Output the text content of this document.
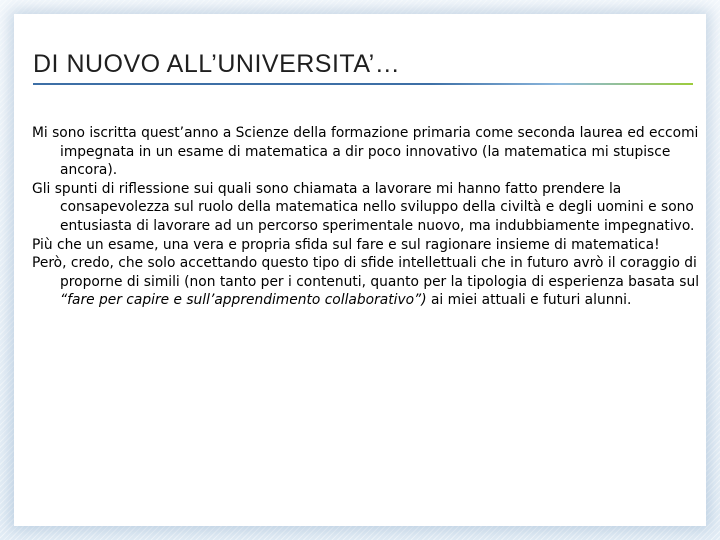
DI NUOVO ALL’UNIVERSITA’…

Mi sono iscritta quest’anno a Scienze della formazione primaria come seconda laurea ed eccomi impegnata in un esame di matematica a dir poco innovativo (la matematica mi stupisce ancora).

Gli spunti di riflessione sui quali sono chiamata a lavorare mi hanno fatto prendere la consapevolezza sul ruolo della matematica nello sviluppo della civiltà e degli uomini e sono entusiasta di lavorare ad un percorso sperimentale nuovo, ma indubbiamente impegnativo.

Più che un esame, una vera e propria sfida sul fare e sul ragionare insieme di matematica!

Però, credo, che solo accettando questo tipo di sfide intellettuali che in futuro avrò il coraggio di proporne di simili (non tanto per i contenuti, quanto per la tipologia di esperienza basata sul “fare per capire e sull’apprendimento collaborativo”) ai miei attuali e futuri alunni.
